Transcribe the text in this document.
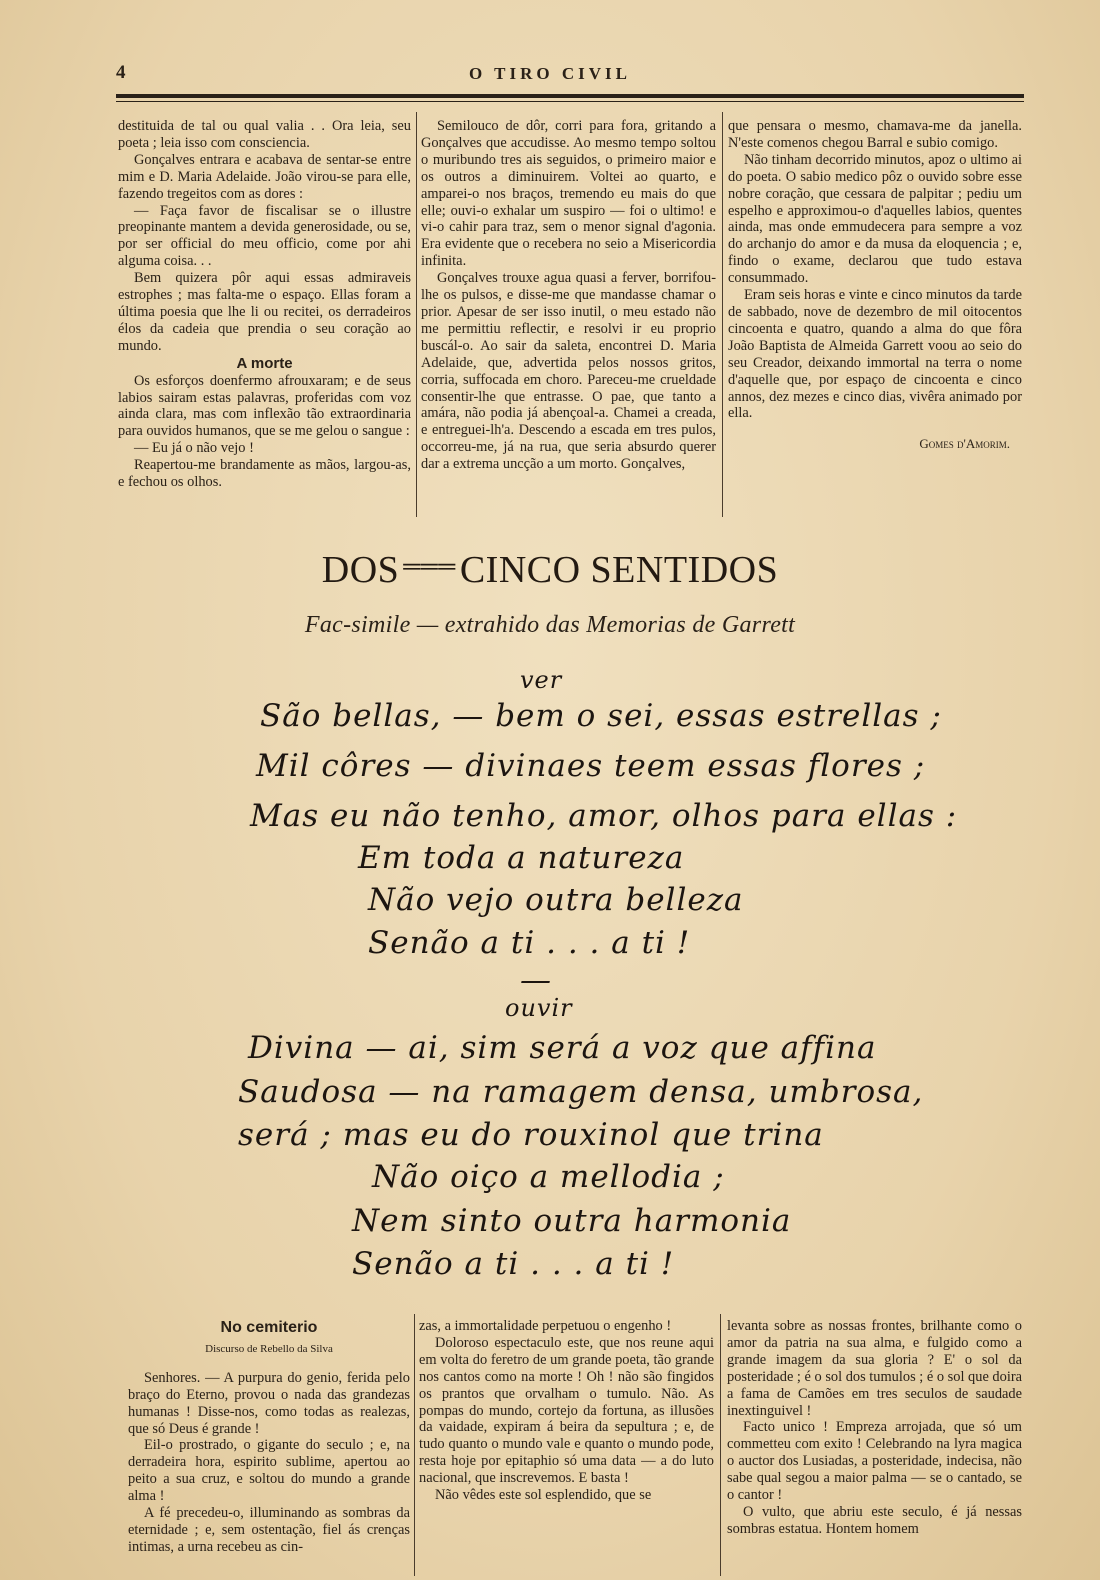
4	O TIRO CIVIL

destituida de tal ou qual valia . . Ora leia, seu poeta ; leia isso com consciencia.

Gonçalves entrara e acabava de sentar-se entre mim e D. Maria Adelaide. João virou-se para elle, fazendo tregeitos com as dores :

— Faça favor de fiscalisar se o illustre preopinante mantem a devida generosidade, ou se, por ser official do meu officio, come por ahi alguma coisa. . .

Bem quizera pôr aqui essas admiraveis estrophes ; mas falta-me o espaço. Ellas foram a última poesia que lhe li ou recitei, os derradeiros élos da cadeia que prendia o seu coração ao mundo.

A morte

Os esforços doenfermo afrouxaram; e de seus labios sairam estas palavras, proferidas com voz ainda clara, mas com inflexão tão extraordinaria para ouvidos humanos, que se me gelou o sangue :

— Eu já o não vejo !

Reapertou-me brandamente as mãos, largou-as, e fechou os olhos.

Semilouco de dôr, corri para fora, gritando a Gonçalves que accudisse. Ao mesmo tempo soltou o muribundo tres ais seguidos, o primeiro maior e os outros a diminuirem. Voltei ao quarto, e amparei-o nos braços, tremendo eu mais do que elle; ouvi-o exhalar um suspiro — foi o ultimo! e vi-o cahir para traz, sem o menor signal d'agonia. Era evidente que o recebera no seio a Misericordia infinita.

Gonçalves trouxe agua quasi a ferver, borrifou-lhe os pulsos, e disse-me que mandasse chamar o prior. Apesar de ser isso inutil, o meu estado não me permittiu reflectir, e resolvi ir eu proprio buscál-o. Ao sair da saleta, encontrei D. Maria Adelaide, que, advertida pelos nossos gritos, corria, suffocada em choro. Pareceu-me crueldade consentir-lhe que entrasse. O pae, que tanto a amára, não podia já abençoal-a. Chamei a creada, e entreguei-lh'a. Descendo a escada em tres pulos, occorreu-me, já na rua, que seria absurdo querer dar a extrema uncção a um morto. Gonçalves,

que pensara o mesmo, chamava-me da janella. N'este comenos chegou Barral e subio comigo.

Não tinham decorrido minutos, apoz o ultimo ai do poeta. O sabio medico pôz o ouvido sobre esse nobre coração, que cessara de palpitar ; pediu um espelho e approximou-o d'aquelles labios, quentes ainda, mas onde emmudecera para sempre a voz do archanjo do amor e da musa da eloquencia ; e, findo o exame, declarou que tudo estava consummado.

Eram seis horas e vinte e cinco minutos da tarde de sabbado, nove de dezembro de mil oitocentos cincoenta e quatro, quando a alma do que fôra João Baptista de Almeida Garrett voou ao seio do seu Creador, deixando immortal na terra o nome d'aquelle que, por espaço de cincoenta e cinco annos, dez mezes e cinco dias, vivêra animado por ella.

Gomes d'Amorim.

DOS ═══ CINCO SENTIDOS
Fac-simile — extrahido das Memorias de Garrett
ver
São bellas, — bem o sei, essas estrellas ;
Mil côres — divinaes teem essas flores ;
Mas eu não tenho, amor, olhos para ellas :
Em toda a natureza
Não vejo outra belleza
Senão a ti . . . a ti !
—
ouvir
Divina — ai, sim será a voz que affina
Saudosa — na ramagem densa, umbrosa,
será ; mas eu do rouxinol que trina
Não oiço a mellodia ;
Nem sinto outra harmonia
Senão a ti . . . a ti !

No cemiterio

Discurso de Rebello da Silva

Senhores. — A purpura do genio, ferida pelo braço do Eterno, provou o nada das grandezas humanas ! Disse-nos, como todas as realezas, que só Deus é grande !

Eil-o prostrado, o gigante do seculo ; e, na derradeira hora, espirito sublime, apertou ao peito a sua cruz, e soltou do mundo a grande alma !

A fé precedeu-o, illuminando as sombras da eternidade ; e, sem ostentação, fiel ás crenças intimas, a urna recebeu as cin-

zas, a immortalidade perpetuou o engenho !

Doloroso espectaculo este, que nos reune aqui em volta do feretro de um grande poeta, tão grande nos cantos como na morte ! Oh ! não são fingidos os prantos que orvalham o tumulo. Não. As pompas do mundo, cortejo da fortuna, as illusões da vaidade, expiram á beira da sepultura ; e, de tudo quanto o mundo vale e quanto o mundo pode, resta hoje por epitaphio só uma data — a do luto nacional, que inscrevemos. E basta !

Não vêdes este sol esplendido, que se

levanta sobre as nossas frontes, brilhante como o amor da patria na sua alma, e fulgido como a grande imagem da sua gloria ? E' o sol da posteridade ; é o sol dos tumulos ; é o sol que doira a fama de Camões em tres seculos de saudade inextinguivel !

Facto unico ! Empreza arrojada, que só um commetteu com exito ! Celebrando na lyra magica o auctor dos Lusiadas, a posteridade, indecisa, não sabe qual segou a maior palma — se o cantado, se o cantor !

O vulto, que abriu este seculo, é já nessas sombras estatua. Hontem homem
